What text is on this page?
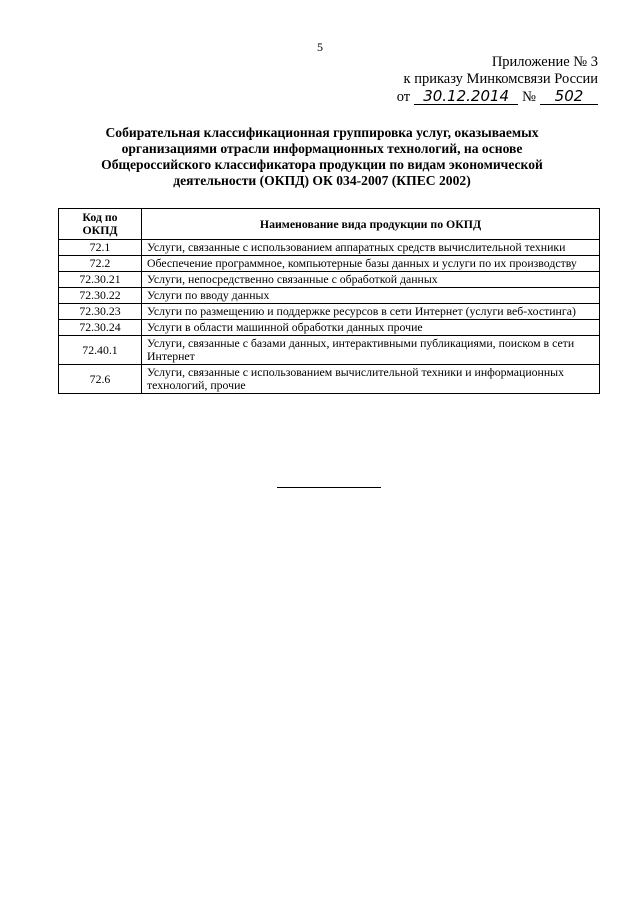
5
Приложение № 3
к приказу Минкомсвязи России
от 30.12.2014 №	502
Собирательная классификационная группировка услуг, оказываемых организациями отрасли информационных технологий, на основе Общероссийского классификатора продукции по видам экономической деятельности (ОКПД) ОК 034-2007 (КПЕС 2002)
Код по ОКПД	Наименование вида продукции по ОКПД
72.1	Услуги, связанные с использованием аппаратных средств вычислительной техники
72.2	Обеспечение программное, компьютерные базы данных и услуги по их производству
72.30.21	Услуги, непосредственно связанные с обработкой данных
72.30.22	Услуги по вводу данных
72.30.23	Услуги по размещению и поддержке ресурсов в сети Интернет (услуги веб-хостинга)
72.30.24	Услуги в области машинной обработки данных прочие
72.40.1	Услуги, связанные с базами данных, интерактивными публикациями, поиском в сети Интернет
72.6	Услуги, связанные с использованием вычислительной техники и информационных технологий, прочие
